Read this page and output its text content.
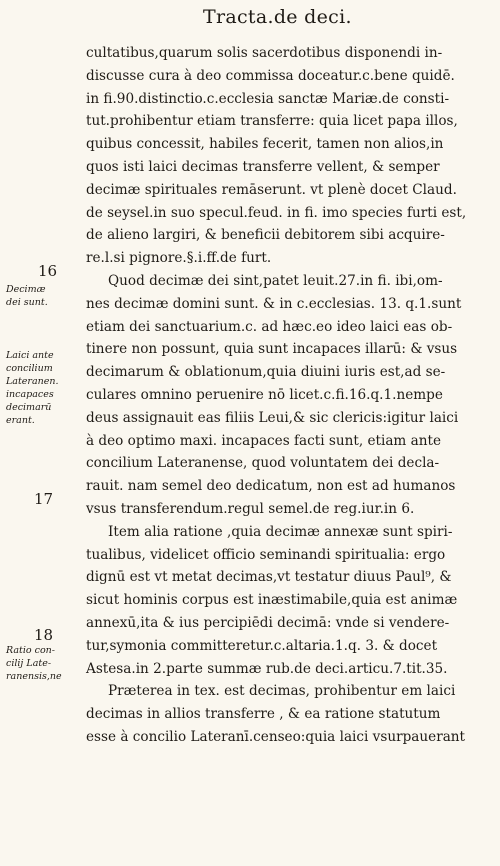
Tracta.de deci.
cultatibus,quarum solis sacerdotibus disponendi in-
discusse cura à deo commissa doceatur.c.bene quidē.
in fi.90.distinctio.c.ecclesia sanctæ Mariæ.de consti-
tut.prohibentur etiam transferre: quia licet papa illos,
quibus concessit, habiles fecerit, tamen non alios,in
quos isti laici decimas transferre vellent, & semper
decimæ spirituales remāserunt. vt plenè docet Claud.
de seysel.in suo specul.feud. in fi. imo species furti est,
de alieno largiri, & beneficii debitorem sibi acquire-
re.l.si pignore.§.i.ff.de furt.
Quod decimæ dei sint,patet leuit.27.in fi. ibi,om-
nes decimæ domini sunt. & in c.ecclesias. 13. q.1.sunt
etiam dei sanctuarium.c. ad hæc.eo ideo laici eas ob-
tinere non possunt, quia sunt incapaces illarū: & vsus
decimarum & oblationum,quia diuini iuris est,ad se-
culares omnino peruenire nō licet.c.fi.16.q.1.nempe
deus assignauit eas filiis Leui,& sic clericis:igitur laici
à deo optimo maxi. incapaces facti sunt, etiam ante
concilium Lateranense, quod voluntatem dei decla-
rauit. nam semel deo dedicatum, non est ad humanos
vsus transferendum.regul semel.de reg.iur.in 6.
Item alia ratione ,quia decimæ annexæ sunt spiri-
tualibus, videlicet officio seminandi spiritualia: ergo
dignū est vt metat decimas,vt testatur diuus Paul⁹, &
sicut hominis corpus est inæstimabile,quia est animæ
annexū,ita & ius percipiēdi decimā: vnde si vendere-
tur,symonia committeretur.c.altaria.1.q. 3. & docet
Astesa.in 2.parte summæ rub.de deci.articu.7.tit.35.
Præterea in tex. est decimas, prohibentur em laici
decimas in allios transferre , & ea ratione statutum
esse à concilio Lateranī.censeo:quia laici vsurpauerant
16
17
18
Decimæ
dei sunt.
Laici ante
concilium
Lateranen.
incapaces
decimarū
erant.
Ratio con-
cilij Late-
ranensis,ne
